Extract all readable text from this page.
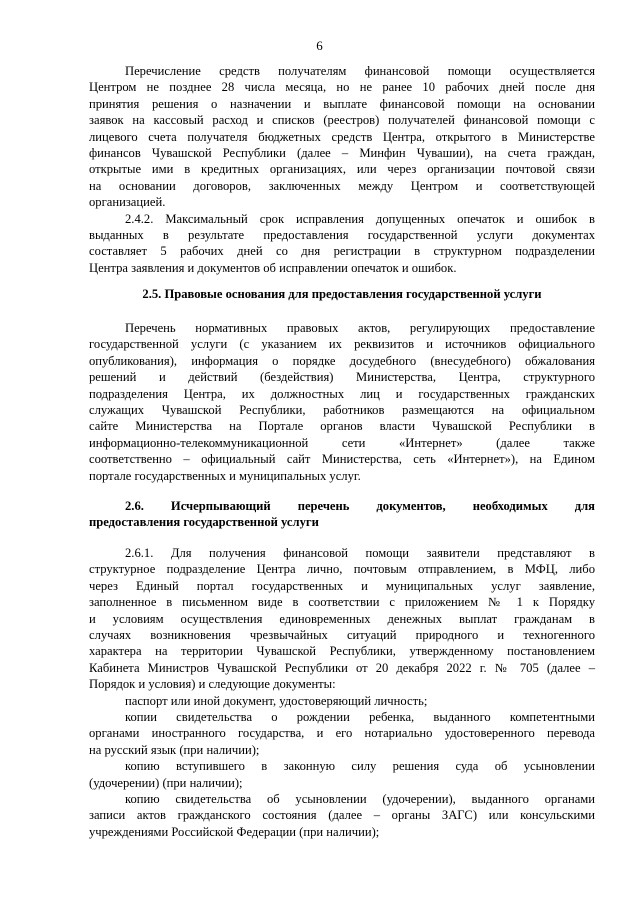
6
Перечисление средств получателям финансовой помощи осуществляется
Центром не позднее 28 числа месяца, но не ранее 10 рабочих дней после дня
принятия решения о назначении и выплате финансовой помощи на основании
заявок на кассовый расход и списков (реестров) получателей финансовой помощи с
лицевого счета получателя бюджетных средств Центра, открытого в Министерстве
финансов Чувашской Республики (далее – Минфин Чувашии), на счета граждан,
открытые ими в кредитных организациях, или через организации почтовой связи
на основании договоров, заключенных между Центром и соответствующей
организацией.
2.4.2. Максимальный срок исправления допущенных опечаток и ошибок в
выданных в результате предоставления государственной услуги документах
составляет 5 рабочих дней со дня регистрации в структурном подразделении
Центра заявления и документов об исправлении опечаток и ошибок.
2.5. Правовые основания для предоставления государственной услуги
Перечень нормативных правовых актов, регулирующих предоставление
государственной услуги (с указанием их реквизитов и источников официального
опубликования), информация о порядке досудебного (внесудебного) обжалования
решений и действий (бездействия) Министерства, Центра, структурного
подразделения Центра, их должностных лиц и государственных гражданских
служащих Чувашской Республики, работников размещаются на официальном
сайте Министерства на Портале органов власти Чувашской Республики в
информационно-телекоммуникационной сети «Интернет» (далее также
соответственно – официальный сайт Министерства, сеть «Интернет»), на Едином
портале государственных и муниципальных услуг.
2.6. Исчерпывающий перечень документов, необходимых для
предоставления государственной услуги
2.6.1. Для получения финансовой помощи заявители представляют в
структурное подразделение Центра лично, почтовым отправлением, в МФЦ, либо
через Единый портал государственных и муниципальных услуг заявление,
заполненное в письменном виде в соответствии с приложением № 1 к Порядку
и условиям осуществления единовременных денежных выплат гражданам в
случаях возникновения чрезвычайных ситуаций природного и техногенного
характера на территории Чувашской Республики, утвержденному постановлением
Кабинета Министров Чувашской Республики от 20 декабря 2022 г. № 705 (далее –
Порядок и условия) и следующие документы:
паспорт или иной документ, удостоверяющий личность;
копии свидетельства о рождении ребенка, выданного компетентными
органами иностранного государства, и его нотариально удостоверенного перевода
на русский язык (при наличии);
копию вступившего в законную силу решения суда об усыновлении
(удочерении) (при наличии);
копию свидетельства об усыновлении (удочерении), выданного органами
записи актов гражданского состояния (далее – органы ЗАГС) или консульскими
учреждениями Российской Федерации (при наличии);
